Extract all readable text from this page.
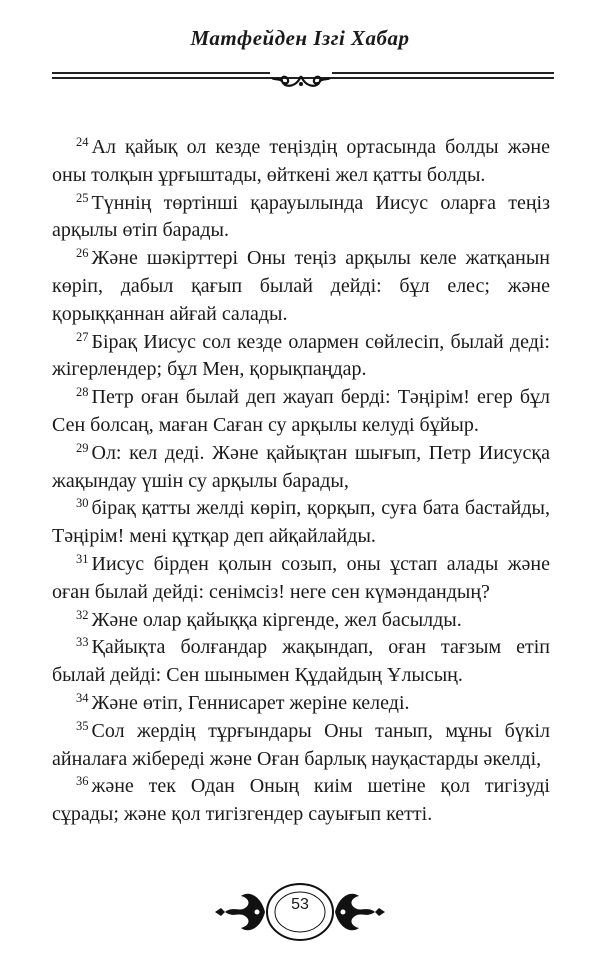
Матфейден Ізгі Хабар

$^{24}$ Ал қайық ол кезде теңіздің ортасында болды және оны толқын ұрғыштады, өйткені жел қатты болды.

$^{25}$ Түннің төртінші қарауылында Иисус оларға теңіз арқылы өтіп барады.

$^{26}$ Және шәкірттері Оны теңіз арқылы келе жатқанын көріп, дабыл қағып былай дейді: бұл елес; және қорыққаннан айғай салады.

$^{27}$ Бірақ Иисус сол кезде олармен сөйлесіп, былай деді: жігерлендер; бұл Мен, қорықпаңдар.

$^{28}$ Петр оған былай деп жауап берді: Тәңірім! егер бұл Сен болсаң, маған Саған су арқылы келуді бұйыр.

$^{29}$ Ол: кел деді. Және қайықтан шығып, Петр Иисусқа жақындау үшін су арқылы барады,

$^{30}$ бірақ қатты желді көріп, қорқып, суға бата бастайды, Тәңірім! мені құтқар деп айқайлайды.

$^{31}$ Иисус бірден қолын созып, оны ұстап алады және оған былай дейді: сенімсіз! неге сен күмәндандың?

$^{32}$ Және олар қайыққа кіргенде, жел басылды.

$^{33}$ Қайықта болғандар жақындап, оған тағзым етіп былай дейді: Сен шынымен Құдайдың Ұлысың.

$^{34}$ Және өтіп, Геннисарет жеріне келеді.

$^{35}$ Сол жердің тұрғындары Оны танып, мұны бүкіл айналаға жібереді және Оған барлық науқастарды әкелді,

$^{36}$ және тек Одан Оның киім шетіне қол тигізуді сұрады; және қол тигізгендер сауығып кетті.

53
